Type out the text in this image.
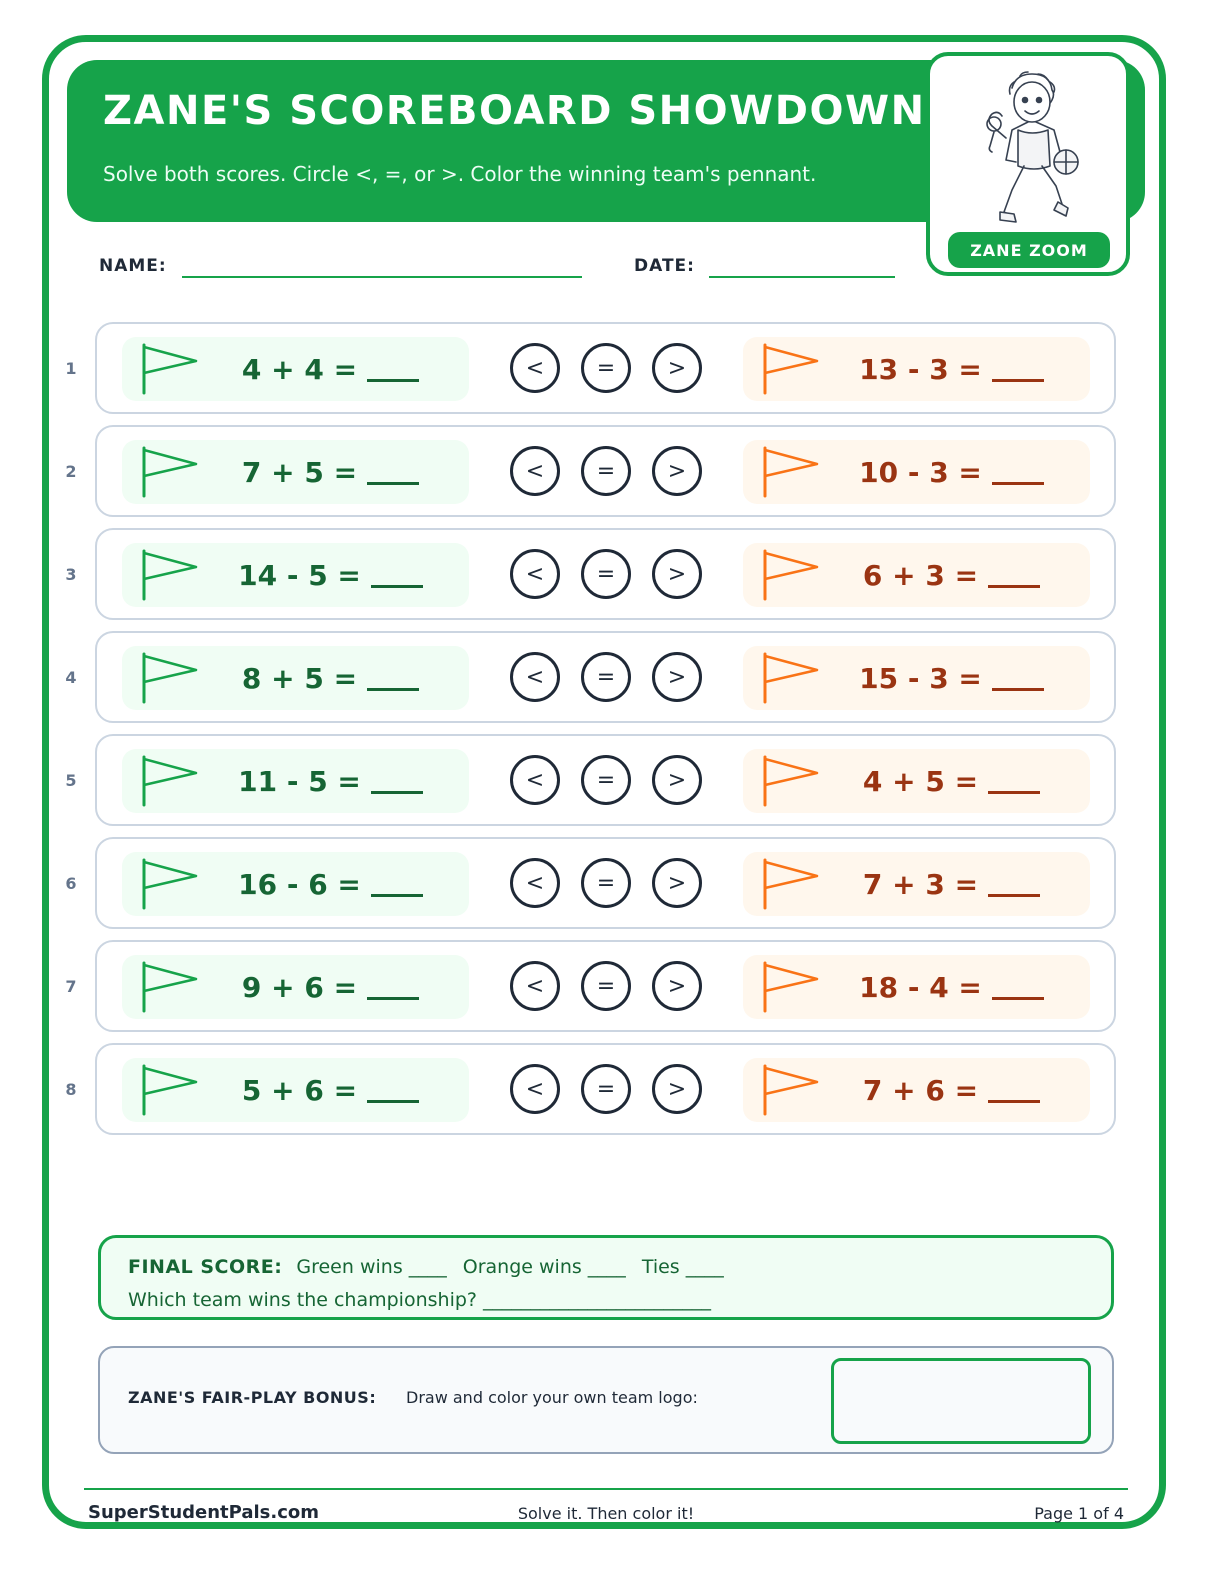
ZANE'S SCOREBOARD SHOWDOWN
Solve both scores. Circle <, =, or >. Color the winning team's pennant.
ZANE ZOOM
NAME:	DATE:
1	4 + 4 =	<	=	>	13 - 3 =
2	7 + 5 =	<	=	>	10 - 3 =
3	14 - 5 =	<	=	>	6 + 3 =
4	8 + 5 =	<	=	>	15 - 3 =
5	11 - 5 =	<	=	>	4 + 5 =
6	16 - 6 =	<	=	>	7 + 3 =
7	9 + 6 =	<	=	>	18 - 4 =
8	5 + 6 =	<	=	>	7 + 6 =
FINAL SCORE: Green wins ____ Orange wins ____ Ties ____
Which team wins the championship? ________________________
ZANE'S FAIR-PLAY BONUS: Draw and color your own team logo:
SuperStudentPals.com	Solve it. Then color it!	Page 1 of 4
